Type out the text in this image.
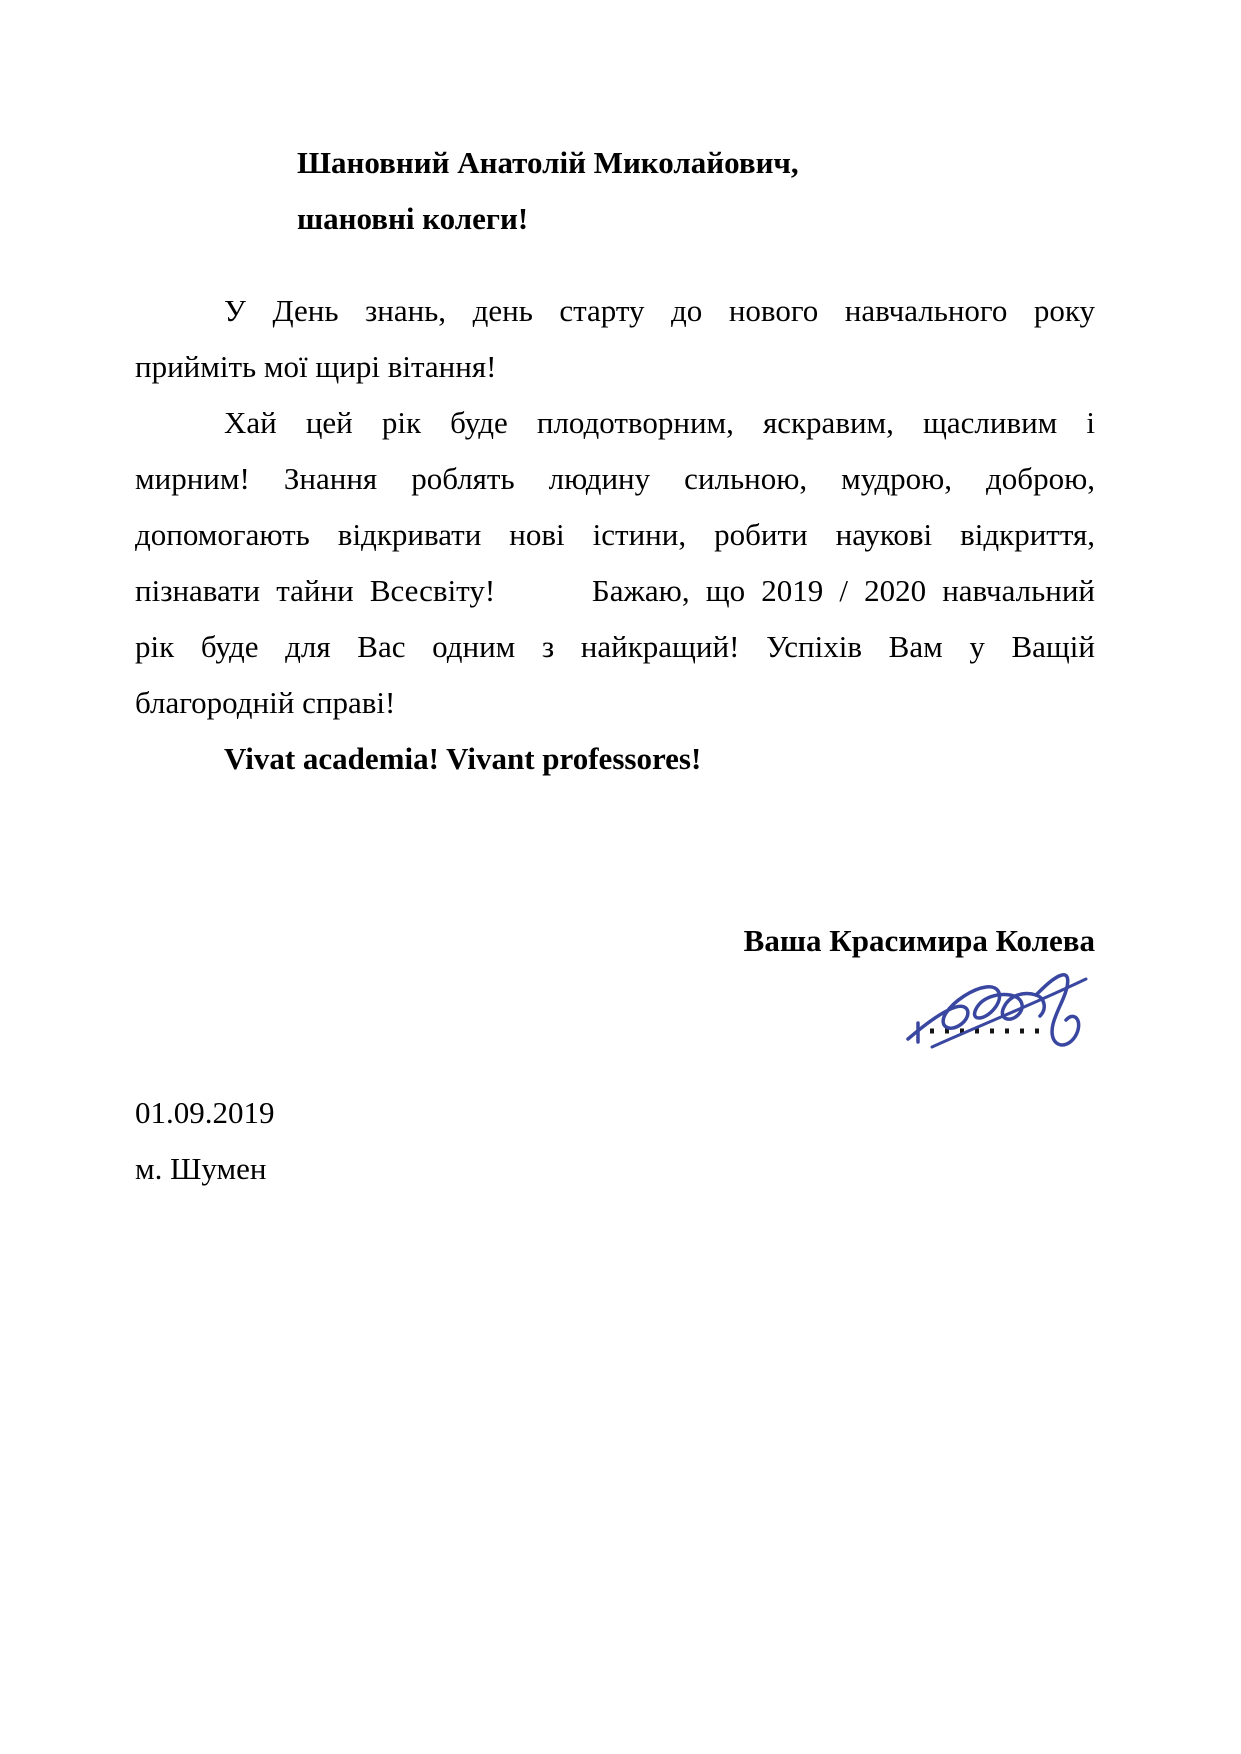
Шановний Анатолій Миколайович,
шановні колеги!
У День знань, день старту до нового навчального року
прийміть мої щирі вітання!
Хай цей рік буде плодотворним, яскравим, щасливим і
мирним! Знання роблять людину сильною, мудрою, доброю,
допомогають відкривати нові істини, робити наукові відкриття,
пізнавати тайни Всесвіту!      Бажаю, що 2019 / 2020 навчальний
рік буде для Вас одним з найкращий! Успіхів Вам у Ващій
благородній справі!
Vivat academia! Vivant professores!
Ваша Красимира Колева
01.09.2019
м. Шумен
